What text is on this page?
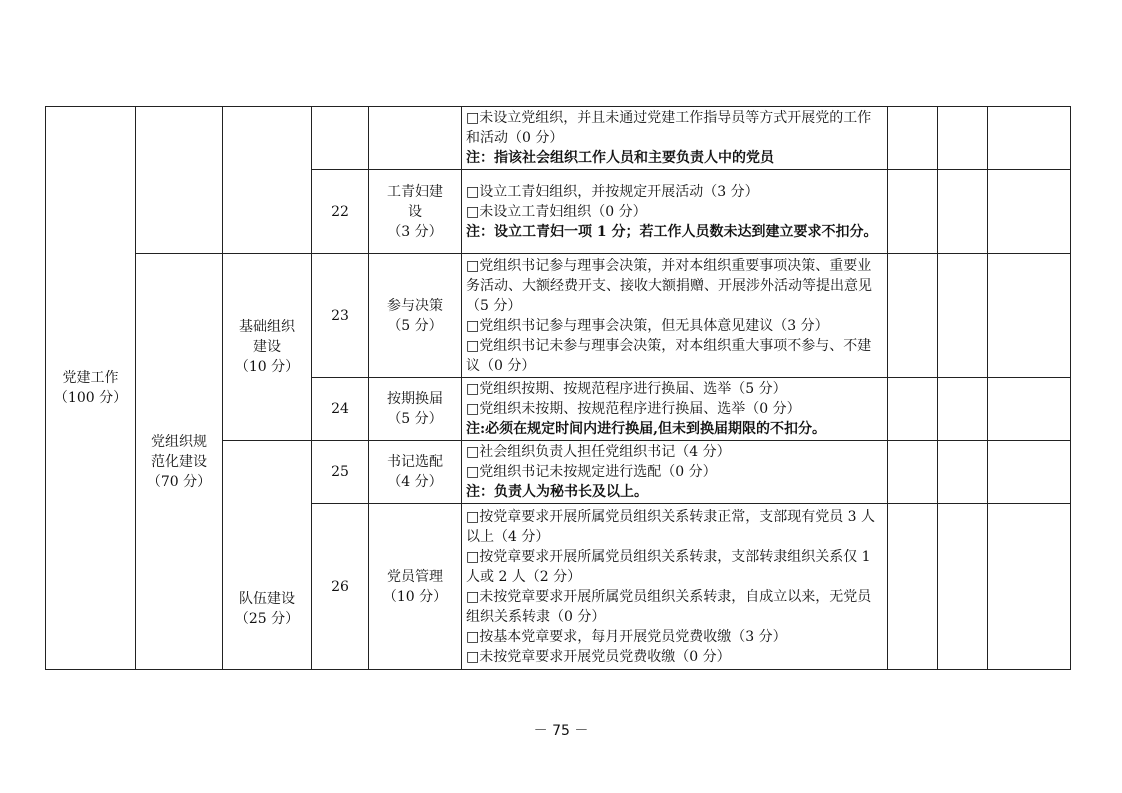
党建工作
（100 分）					□未设立党组织，并且未通过党建工作指导员等方式开展党的工作和活动（0 分）
注：指该社会组织工作人员和主要负责人中的党员			

			22	工青妇建
设
（3 分）	□设立工青妇组织，并按规定开展活动（3 分）
□未设立工青妇组织（0 分）
注：设立工青妇一项 1 分；若工作人员数未达到建立要求不扣分。			

	党组织规
范化建设
（70 分）	基础组织
建设
（10 分）	23	参与决策
（5 分）	□党组织书记参与理事会决策，并对本组织重要事项决策、重要业务活动、大额经费开支、接收大额捐赠、开展涉外活动等提出意见（5 分）
□党组织书记参与理事会决策，但无具体意见建议（3 分）
□党组织书记未参与理事会决策，对本组织重大事项不参与、不建议（0 分）			

			24	按期换届
（5 分）	□党组织按期、按规范程序进行换届、选举（5 分）
□党组织未按期、按规范程序进行换届、选举（0 分）
注:必须在规定时间内进行换届,但未到换届期限的不扣分。			

		队伍建设
（25 分）	25	书记选配
（4 分）	□社会组织负责人担任党组织书记（4 分）
□党组织书记未按规定进行选配（0 分）
注：负责人为秘书长及以上。			

			26	党员管理
（10 分）	□按党章要求开展所属党员组织关系转隶正常，支部现有党员 3 人以上（4 分）
□按党章要求开展所属党员组织关系转隶，支部转隶组织关系仅 1 人或 2 人（2 分）
□未按党章要求开展所属党员组织关系转隶，自成立以来，无党员组织关系转隶（0 分）
□按基本党章要求，每月开展党员党费收缴（3 分）
□未按党章要求开展党员党费收缴（0 分）			

－ 75 －
